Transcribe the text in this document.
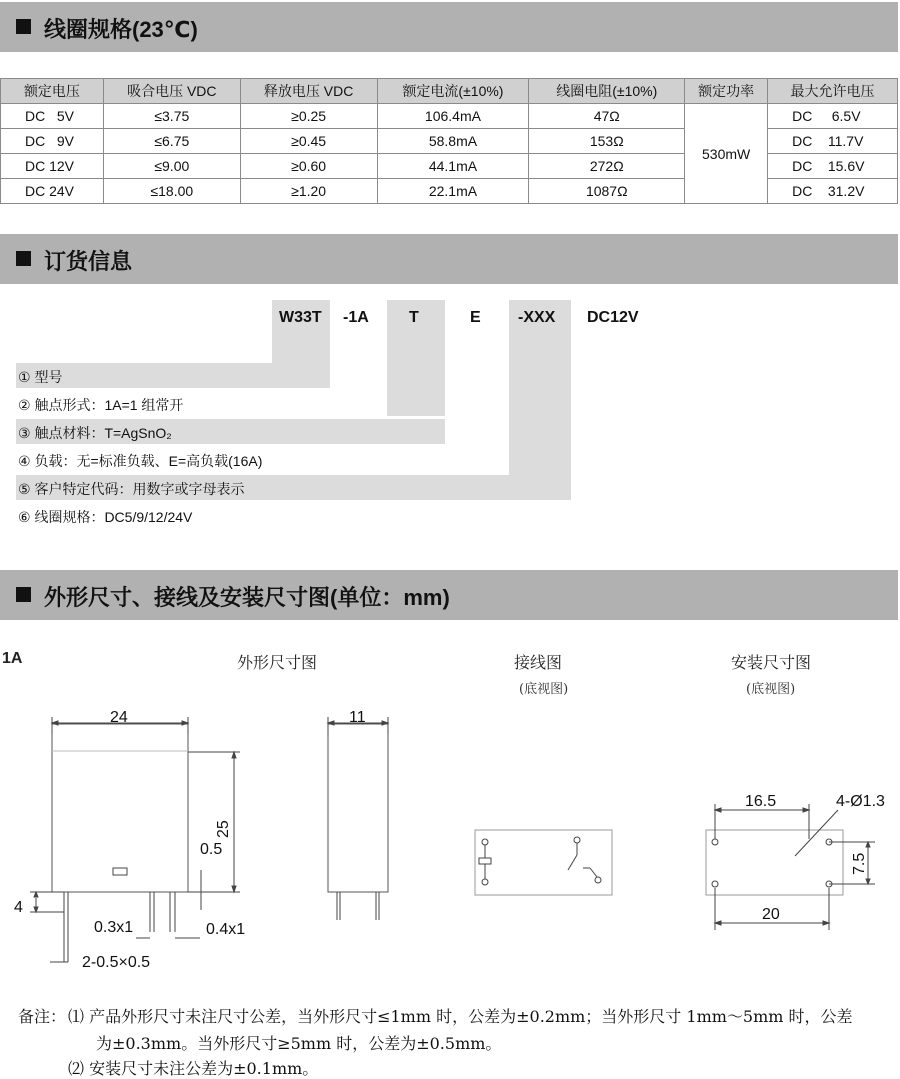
线圈规格(23℃)
额定电压	吸合电压 VDC	释放电压 VDC	额定电流(±10%)	线圈电阻(±10%)	额定功率	最大允许电压
DC   5V	≤3.75	≥0.25	106.4mA	47Ω	530mW	DC     6.5V
DC   9V	≤6.75	≥0.45	58.8mA	153Ω		DC    11.7V
DC 12V	≤9.00	≥0.60	44.1mA	272Ω		DC    15.6V
DC 24V	≤18.00	≥1.20	22.1mA	1087Ω		DC    31.2V
订货信息
W33T -1A	T	E -XXX DC12V
① 型号
② 触点形式：1A=1 组常开
③ 触点材料：T=AgSnO₂
④ 负载：无=标准负载、E=高负载(16A)
⑤ 客户特定代码：用数字或字母表示
⑥ 线圈规格：DC5/9/12/24V
外形尺寸、接线及安装尺寸图(单位：mm)
1A	外形尺寸图	接线图
(底视图)
安装尺寸图
(底视图)
24
25
0.5
4
0.3x1	0.4x1
2-0.5×0.5
11
16.5	4-Ø1.3
7.5
20
备注： ⑴ 产品外形尺寸未注尺寸公差，当外形尺寸≤1mm 时，公差为±0.2mm；当外形尺寸 1mm～5mm 时，公差
为±0.3mm。当外形尺寸≥5mm 时，公差为±0.5mm。
⑵ 安装尺寸未注公差为±0.1mm。
